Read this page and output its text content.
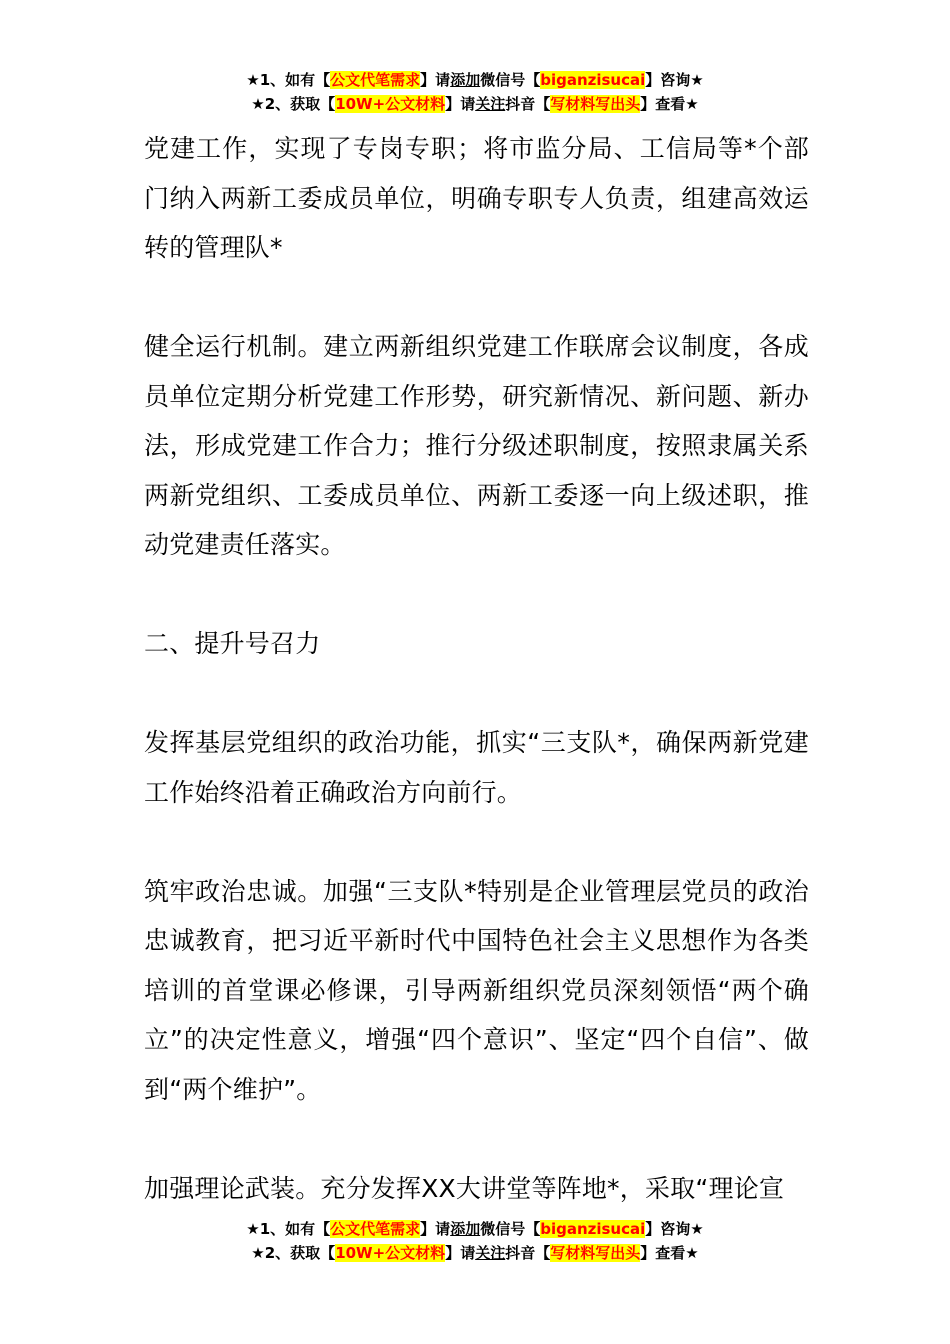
★1、如有【公文代笔需求】请添加微信号【biganzisucai】咨询★
★2、获取【10W+公文材料】请关注抖音【写材料写出头】查看★

党建工作，实现了专岗专职；将市监分局、工信局等*个部门纳入两新工委成员单位，明确专职专人负责，组建高效运转的管理队*

健全运行机制。建立两新组织党建工作联席会议制度，各成员单位定期分析党建工作形势，研究新情况、新问题、新办法，形成党建工作合力；推行分级述职制度，按照隶属关系两新党组织、工委成员单位、两新工委逐一向上级述职，推动党建责任落实。

二、提升号召力

发挥基层党组织的政治功能，抓实“三支队*，确保两新党建工作始终沿着正确政治方向前行。

筑牢政治忠诚。加强“三支队*特别是企业管理层党员的政治忠诚教育，把习近平新时代中国特色社会主义思想作为各类培训的首堂课必修课，引导两新组织党员深刻领悟“两个确立”的决定性意义，增强“四个意识”、坚定“四个自信”、做到“两个维护”。

加强理论武装。充分发挥XX大讲堂等阵地*，采取“理论宣

★1、如有【公文代笔需求】请添加微信号【biganzisucai】咨询★
★2、获取【10W+公文材料】请关注抖音【写材料写出头】查看★
